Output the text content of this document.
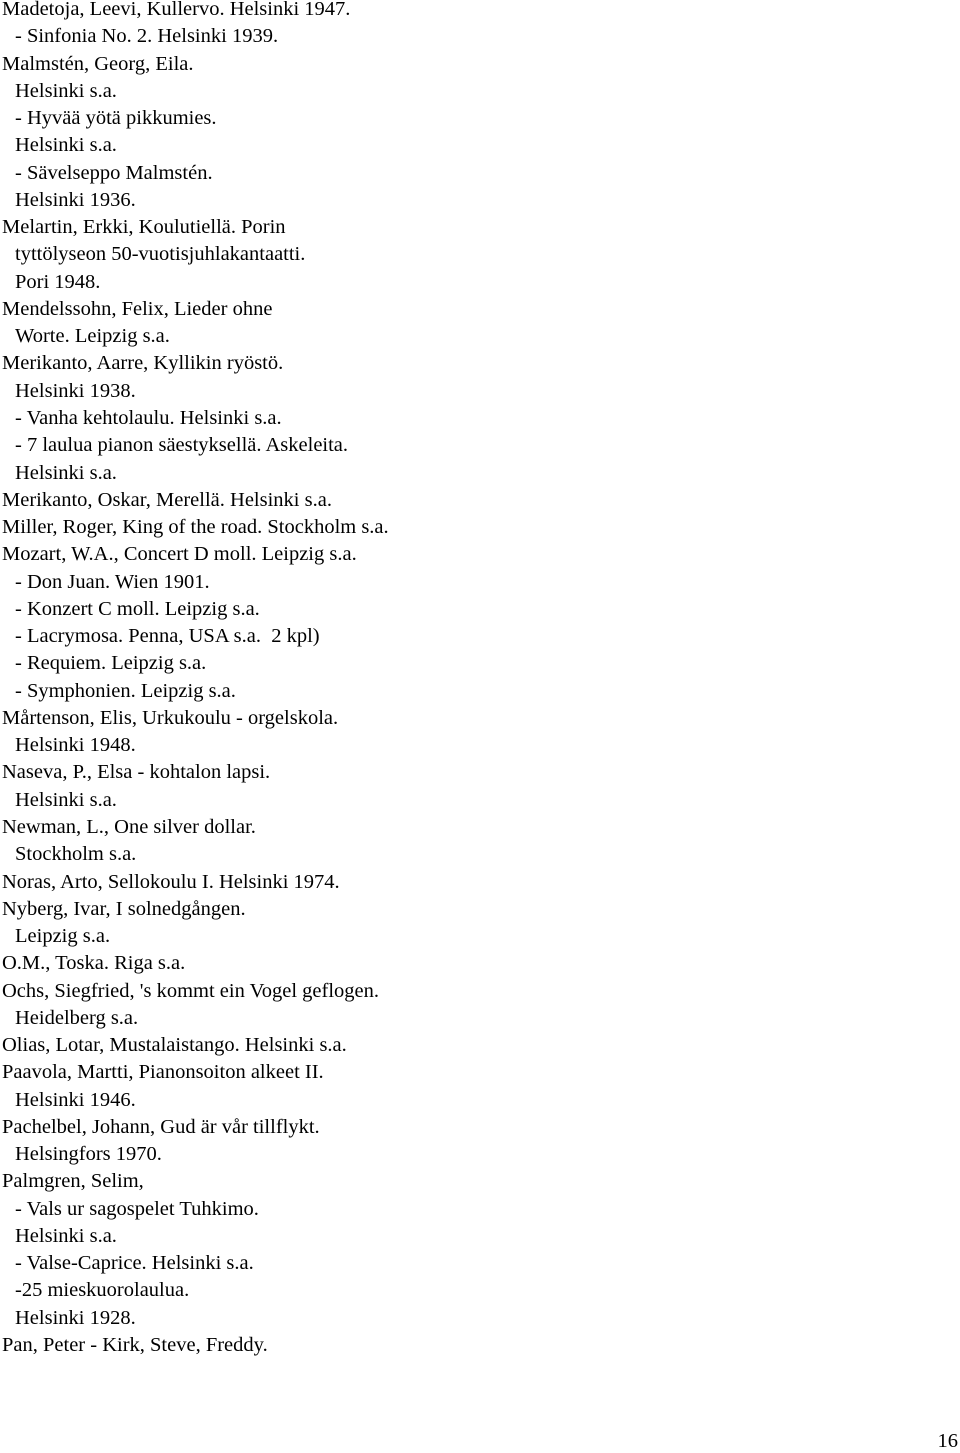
Madetoja, Leevi, Kullervo. Helsinki 1947.
- Sinfonia No. 2. Helsinki 1939.
Malmstén, Georg, Eila.
Helsinki s.a.
- Hyvää yötä pikkumies.
Helsinki s.a.
- Sävelseppo Malmstén.
Helsinki 1936.
Melartin, Erkki, Koulutiellä. Porin
tyttölyseon 50-vuotisjuhlakantaatti.
Pori 1948.
Mendelssohn, Felix, Lieder ohne
Worte. Leipzig s.a.
Merikanto, Aarre, Kyllikin ryöstö.
Helsinki 1938.
- Vanha kehtolaulu. Helsinki s.a.
- 7 laulua pianon säestyksellä. Askeleita.
Helsinki s.a.
Merikanto, Oskar, Merellä. Helsinki s.a.
Miller, Roger, King of the road. Stockholm s.a.
Mozart, W.A., Concert D moll. Leipzig s.a.
- Don Juan. Wien 1901.
- Konzert C moll. Leipzig s.a.
- Lacrymosa. Penna, USA s.a.  2 kpl)
- Requiem. Leipzig s.a.
- Symphonien. Leipzig s.a.
Mårtenson, Elis, Urkukoulu - orgelskola.
Helsinki 1948.
Naseva, P., Elsa - kohtalon lapsi.
Helsinki s.a.
Newman, L., One silver dollar.
Stockholm s.a.
Noras, Arto, Sellokoulu I. Helsinki 1974.
Nyberg, Ivar, I solnedgången.
Leipzig s.a.
O.M., Toska. Riga s.a.
Ochs, Siegfried, 's kommt ein Vogel geflogen.
Heidelberg s.a.
Olias, Lotar, Mustalaistango. Helsinki s.a.
Paavola, Martti, Pianonsoiton alkeet II.
Helsinki 1946.
Pachelbel, Johann, Gud är vår tillflykt.
Helsingfors 1970.
Palmgren, Selim,
- Vals ur sagospelet Tuhkimo.
Helsinki s.a.
- Valse-Caprice. Helsinki s.a.
-25 mieskuorolaulua.
Helsinki 1928.
Pan, Peter - Kirk, Steve, Freddy.
16
